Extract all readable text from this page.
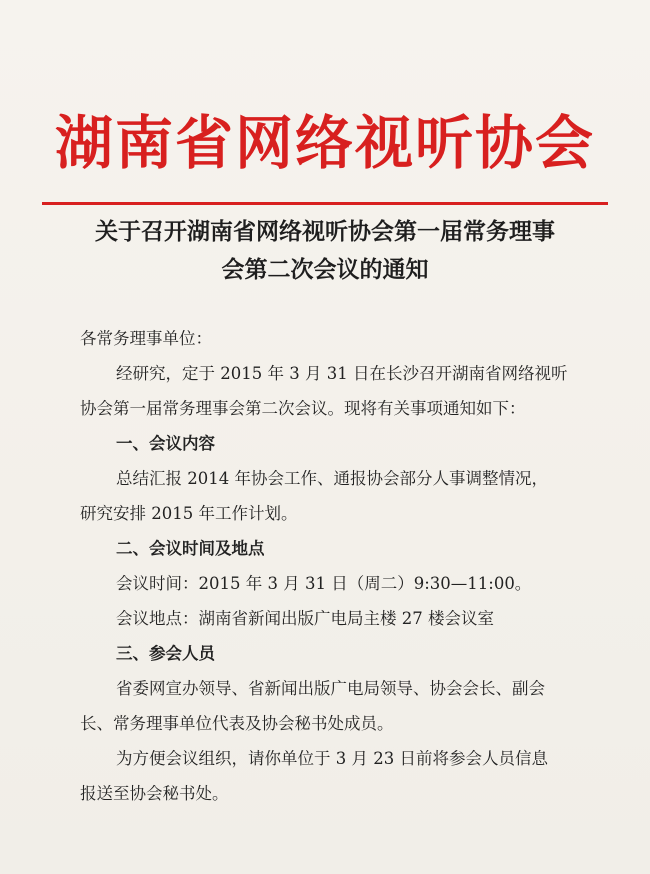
湖南省网络视听协会
关于召开湖南省网络视听协会第一届常务理事
会第二次会议的通知
各常务理事单位：
经研究，定于 2015 年 3 月 31 日在长沙召开湖南省网络视听
协会第一届常务理事会第二次会议。现将有关事项通知如下：
一、会议内容
总结汇报 2014 年协会工作、通报协会部分人事调整情况，
研究安排 2015 年工作计划。
二、会议时间及地点
会议时间：2015 年 3 月 31 日（周二）9:30—11:00。
会议地点：湖南省新闻出版广电局主楼 27 楼会议室
三、参会人员
省委网宣办领导、省新闻出版广电局领导、协会会长、副会
长、常务理事单位代表及协会秘书处成员。
为方便会议组织，请你单位于 3 月 23 日前将参会人员信息
报送至协会秘书处。
